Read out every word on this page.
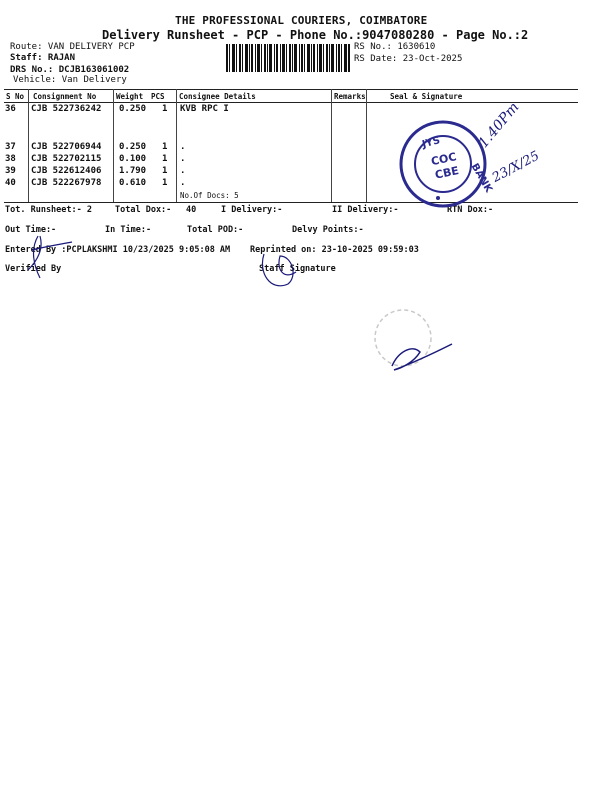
THE PROFESSIONAL COURIERS, COIMBATORE
Delivery Runsheet - PCP - Phone No.:9047080280 - Page No.:2
Route: VAN DELIVERY PCP
Staff: RAJAN
DRS No.: DCJB163061002
Vehicle: Van Delivery
RS No.: 1630610
RS Date: 23-Oct-2025
S No Consignment No	Weight PCS Consignee Details	Remarks	Seal & Signature
36 CJB 522736242 0.250 1 KVB RPC I
37 CJB 522706944 0.250 1 .
38 CJB 522702115 0.100 1 .
39 CJB 522612406 1.790 1 .
40 CJB 522267978 0.610 1 .
No.Of Docs: 5
Tot. Runsheet:- 2	Total Dox:- 40	I Delivery:-	II Delivery:-	RTN Dox:-
Out Time:-	In Time:-	Total POD:-	Delvy Points:-
Entered By :PCPLAKSHMI 10/23/2025 9:05:08 AM Reprinted on: 23-10-2025 09:59:03
Verified By	Staff Signature
JYS
BANK
COC
CBE
1.40Pm
23/X/25
